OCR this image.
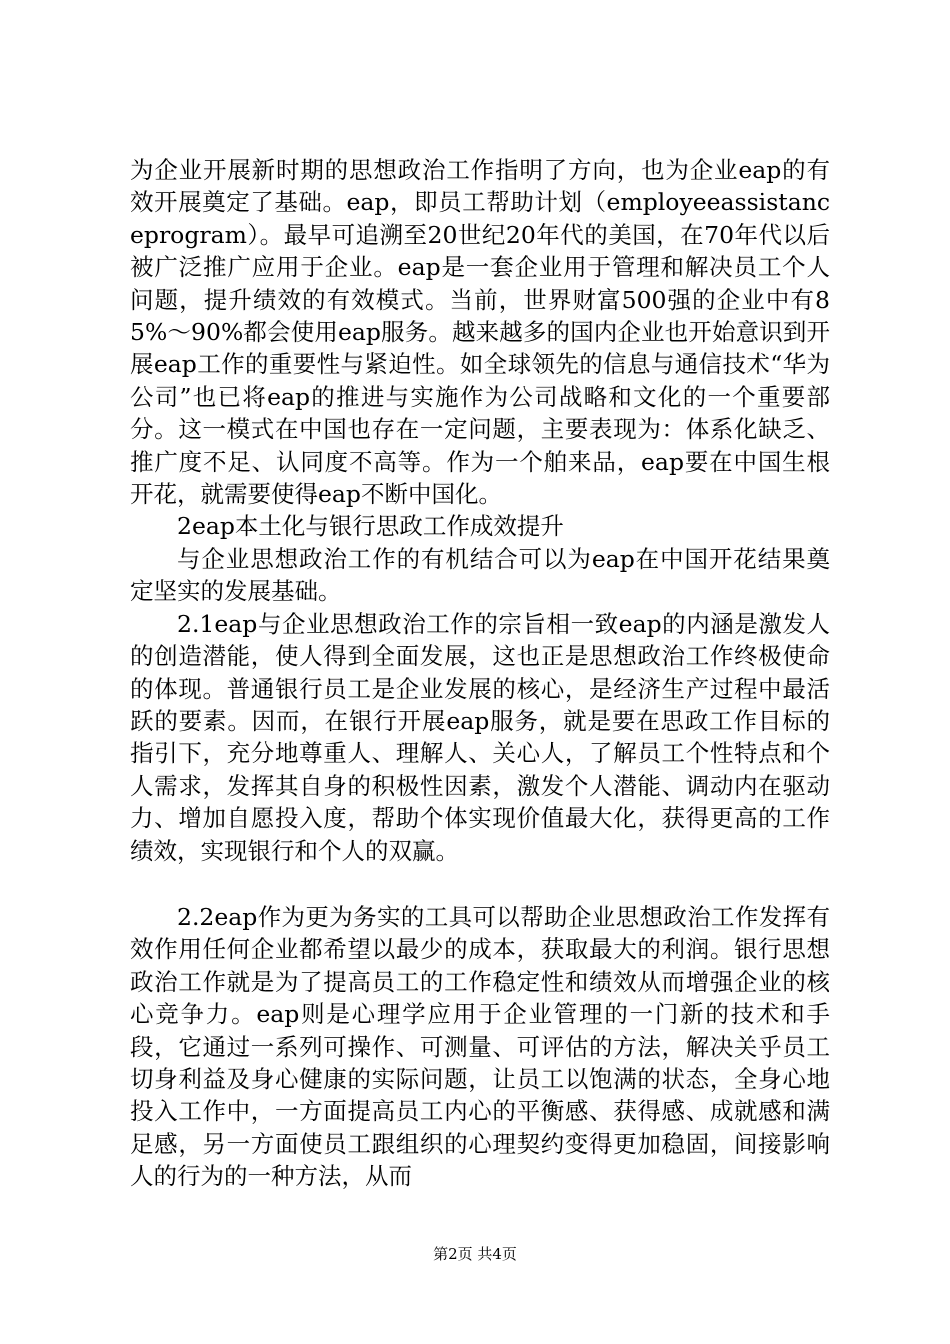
为企业开展新时期的思想政治工作指明了方向，也为企业eap的有效开展奠定了基础。eap，即员工帮助计划（employeeassistanceprogram）。最早可追溯至20世纪20年代的美国，在70年代以后被广泛推广应用于企业。eap是一套企业用于管理和解决员工个人问题，提升绩效的有效模式。当前，世界财富500强的企业中有85%～90%都会使用eap服务。越来越多的国内企业也开始意识到开展eap工作的重要性与紧迫性。如全球领先的信息与通信技术“华为公司”也已将eap的推进与实施作为公司战略和文化的一个重要部分。这一模式在中国也存在一定问题，主要表现为：体系化缺乏、推广度不足、认同度不高等。作为一个舶来品，eap要在中国生根开花，就需要使得eap不断中国化。

2eap本土化与银行思政工作成效提升

与企业思想政治工作的有机结合可以为eap在中国开花结果奠定坚实的发展基础。

2.1eap与企业思想政治工作的宗旨相一致eap的内涵是激发人的创造潜能，使人得到全面发展，这也正是思想政治工作终极使命的体现。普通银行员工是企业发展的核心，是经济生产过程中最活跃的要素。因而，在银行开展eap服务，就是要在思政工作目标的指引下，充分地尊重人、理解人、关心人，了解员工个性特点和个人需求，发挥其自身的积极性因素，激发个人潜能、调动内在驱动力、增加自愿投入度，帮助个体实现价值最大化，获得更高的工作绩效，实现银行和个人的双赢。

2.2eap作为更为务实的工具可以帮助企业思想政治工作发挥有效作用任何企业都希望以最少的成本，获取最大的利润。银行思想政治工作就是为了提高员工的工作稳定性和绩效从而增强企业的核心竞争力。eap则是心理学应用于企业管理的一门新的技术和手段，它通过一系列可操作、可测量、可评估的方法，解决关乎员工切身利益及身心健康的实际问题，让员工以饱满的状态，全身心地投入工作中，一方面提高员工内心的平衡感、获得感、成就感和满足感，另一方面使员工跟组织的心理契约变得更加稳固，间接影响人的行为的一种方法，从而

第2页 共4页
